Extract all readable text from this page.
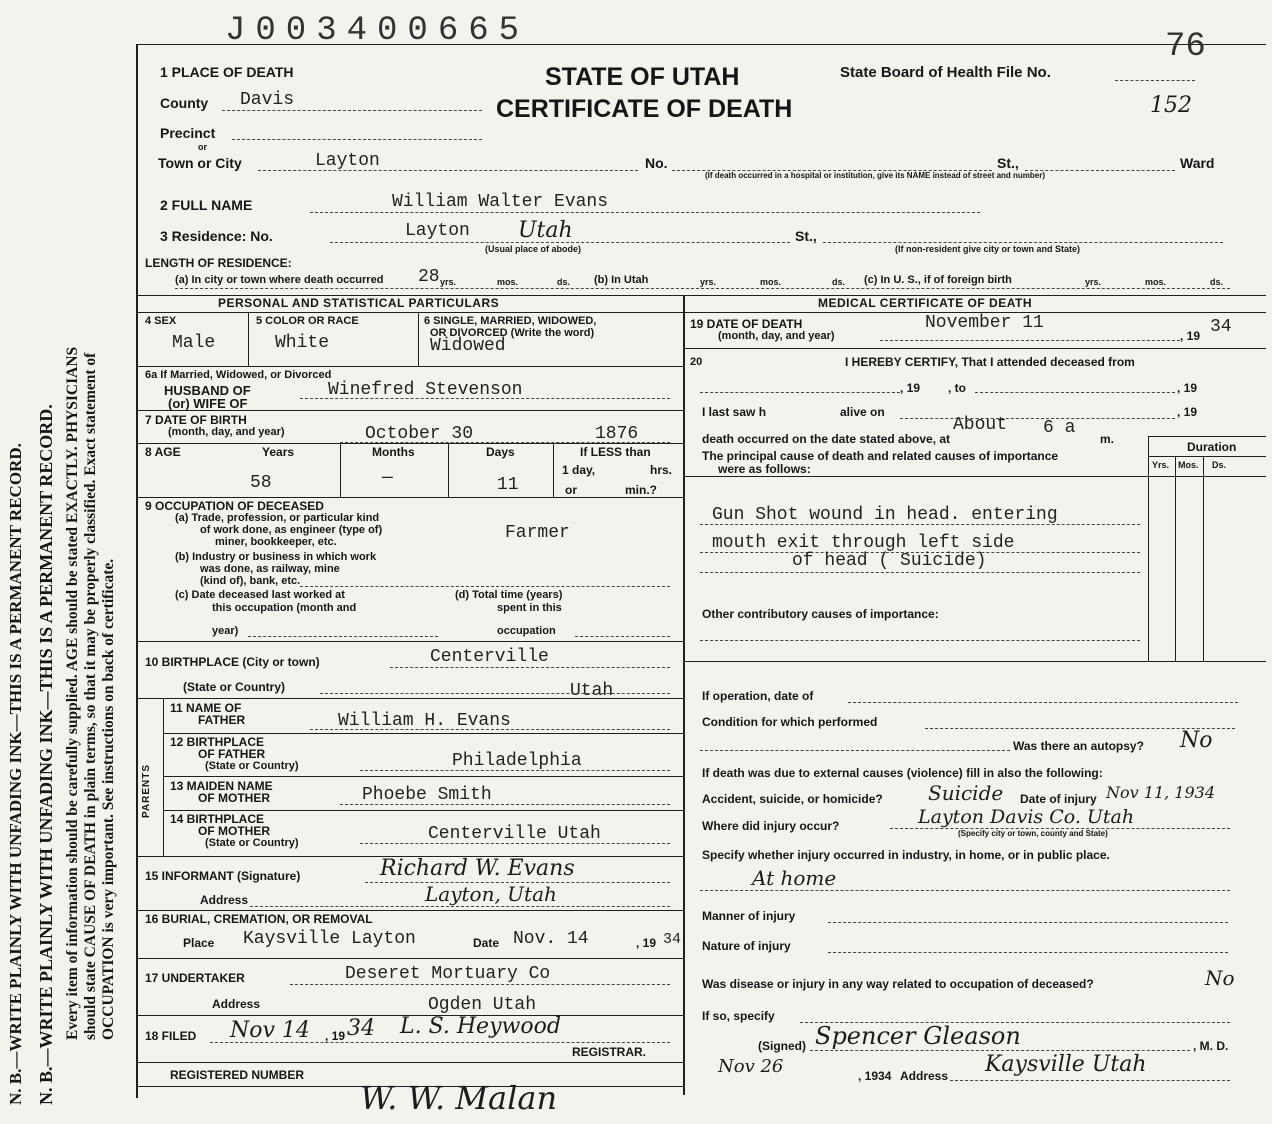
N. B.—WRITE PLAINLY WITH UNFADING INK—THIS IS A PERMANENT RECORD. N. B.—WRITE PLAINLY WITH UNFADING INK—THIS IS A PERMANENT RECORD. Every item of information should be carefully supplied. AGE should be stated EXACTLY. PHYSICIANS should state CAUSE OF DEATH in plain terms, so that it may be properly classified. Exact statement of OCCUPATION is very important. See instructions on back of certificate.
J003400665	76
152
STATE OF UTAH
CERTIFICATE OF DEATH
State Board of Health File No.
1 PLACE OF DEATH
County Davis
Precinct
or
Town or City	Layton	No.	St.,	Ward
(If death occurred in a hospital or institution, give its NAME instead of street and number)
2 FULL NAME	William Walter Evans
3 Residence: No.	Layton Utah
(Usual place of abode)
St.,
(If non-resident give city or town and State)
LENGTH OF RESIDENCE:
(a) In city or town where death occurred 28 yrs.	mos.	ds. (b) In Utah	yrs.	mos.	ds. (c) In U. S., if of foreign birth	yrs.	mos.	ds.
PERSONAL AND STATISTICAL PARTICULARS	MEDICAL CERTIFICATE OF DEATH
4 SEX
Male
5 COLOR OR RACE
White
6 SINGLE, MARRIED, WIDOWED,
OR DIVORCED (Write the word)
Widowed
6a If Married, Widowed, or Divorced
HUSBAND OF
(or) WIFE OF
Winefred Stevenson
7 DATE OF BIRTH
(month, day, and year)	October 30	1876
8 AGE	Years
58
Months
—
Days
11
If LESS than
1 day,	hrs.
or	min.?
9 OCCUPATION OF DECEASED
(a) Trade, profession, or particular kind
of work done, as engineer (type of)
miner, bookkeeper, etc.	Farmer
(b) Industry or business in which work
was done, as railway, mine
(kind of), bank, etc.
(c) Date deceased last worked at
this occupation (month and
year)
(d) Total time (years)
spent in this
occupation
10 BIRTHPLACE (City or town)	Centerville
(State or Country)	Utah
PARENTS
11 NAME OF
FATHER	William H. Evans
12 BIRTHPLACE
OF FATHER
(State or Country)	Philadelphia
13 MAIDEN NAME
OF MOTHER	Phoebe Smith
14 BIRTHPLACE
OF MOTHER
(State or Country)	Centerville Utah
15 INFORMANT (Signature)	Richard W. Evans
Address	Layton, Utah
16 BURIAL, CREMATION, OR REMOVAL
Place Kaysville Layton	Date Nov. 14	, 19 34
17 UNDERTAKER	Deseret Mortuary Co
Address	Ogden Utah
18 FILED Nov 14 , 19 34 L. S. Heywood
REGISTRAR.
REGISTERED NUMBER
W. W. Malan
19 DATE OF DEATH
(month, day, and year)
November 11
, 19 34
20	I HEREBY CERTIFY, That I attended deceased from
, 19 , to	, 19
I last saw h	alive on	, 19
About
death occurred on the date stated above, at
6 a
m.
The principal cause of death and related causes of importance
were as follows:
Duration
Yrs. Mos. Ds.
Gun Shot wound in head. entering
mouth exit through left side
of head ( Suicide)
Other contributory causes of importance:
If operation, date of
Condition for which performed
Was there an autopsy? No
If death was due to external causes (violence) fill in also the following:
Accident, suicide, or homicide? Suicide Date of injury Nov 11, 1934
Where did injury occur?	Layton Davis Co. Utah
(Specify city or town, county and State)
Specify whether injury occurred in industry, in home, or in public place.
At home
Manner of injury
Nature of injury
Was disease or injury in any way related to occupation of deceased?	No
If so, specify
(Signed) Spencer Gleason	, M. D.
Nov 26	, 1934 Address Kaysville Utah
